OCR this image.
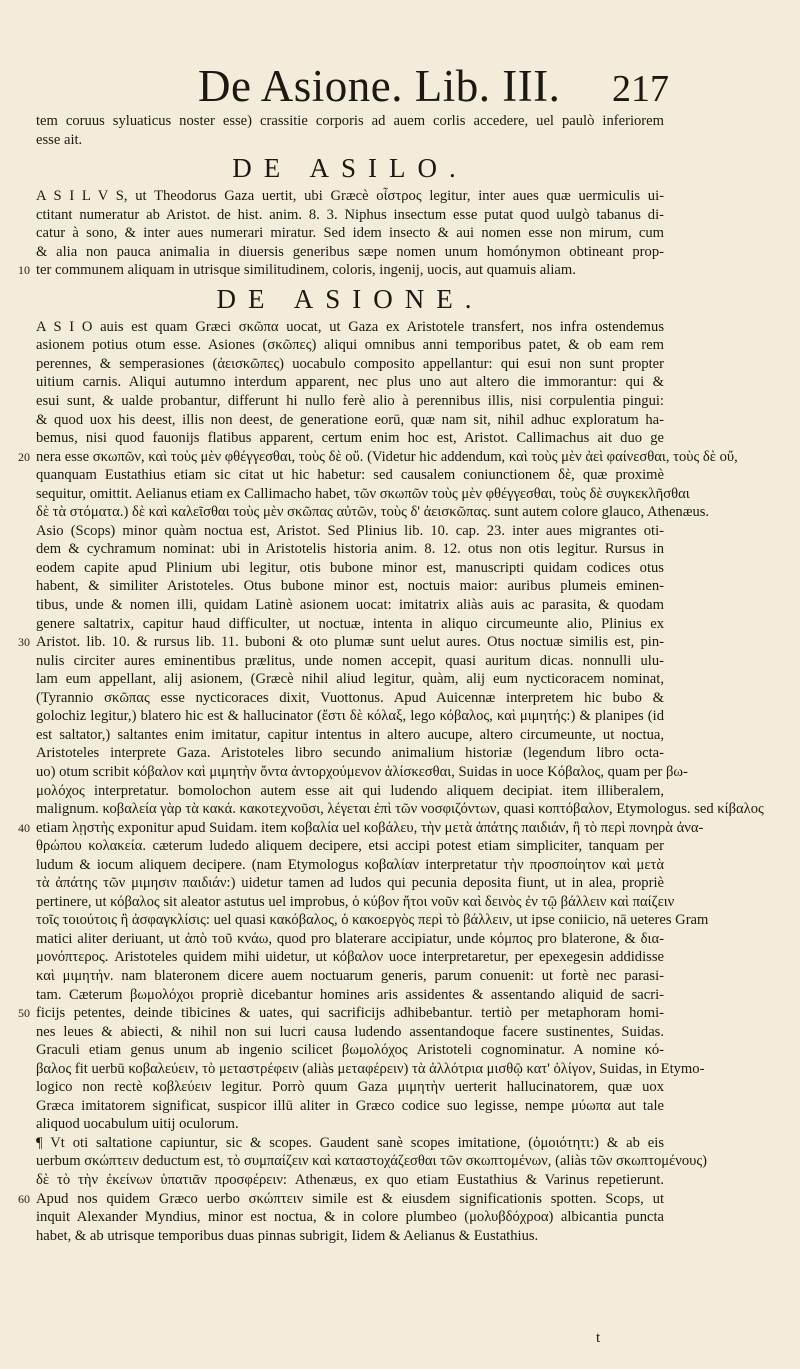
De Asione. Lib. III. 217
tem coruus syluaticus noster esse) crassitie corporis ad auem corlis accedere, uel paulò inferiorem
esse ait.
DE ASILO.
A S I L V S, ut Theodorus Gaza uertit, ubi Græcè οἶστρος legitur, inter aues quæ uermiculis ui-
ctitant numeratur ab Aristot. de hist. anim. 8. 3. Niphus insectum esse putat quod uulgò tabanus di-
catur à sono, & inter aues numerari miratur. Sed idem insecto & aui nomen esse non mirum, cum
& alia non pauca animalia in diuersis generibus sæpe nomen unum homónymon obtineant prop-
ter communem aliquam in utrisque similitudinem, coloris, ingenij, uocis, aut quamuis aliam.
10
DE ASIONE.
A S I O auis est quam Græci σκῶπα uocat, ut Gaza ex Aristotele transfert, nos infra ostendemus
asionem potius otum esse. Asiones (σκῶπες) aliqui omnibus anni temporibus patet, & ob eam rem
perennes, & semperasiones (ἀεισκῶπες) uocabulo composito appellantur: qui esui non sunt propter
uitium carnis. Aliqui autumno interdum apparent, nec plus uno aut altero die immorantur: qui &
esui sunt, & ualde probantur, differunt hi nullo ferè alio à perennibus illis, nisi corpulentia pingui:
& quod uox his deest, illis non deest, de generatione eorū, quæ nam sit, nihil adhuc exploratum ha-
bemus, nisi quod fauonijs flatibus apparent, certum enim hoc est, Aristot. Callimachus ait duo ge
nera esse σκωπῶν, καὶ τοὺς μὲν φθέγγεσθαι, τοὺς δὲ οὔ. (Videtur hic addendum, καὶ τοὺς μὲν ἀεὶ φαίνεσθαι, τοὺς δὲ οὔ,
20
quanquam Eustathius etiam sic citat ut hic habetur: sed causalem coniunctionem δὲ, quæ proximè
sequitur, omittit. Aelianus etiam ex Callimacho habet, τῶν σκωπῶν τοὺς μὲν φθέγγεσθαι, τοὺς δὲ συγκεκλῆσθαι
δὲ τὰ στόματα.) δὲ καὶ καλεῖσθαι τοὺς μὲν σκῶπας αὐτῶν, τοὺς δ' ἀεισκῶπας. sunt autem colore glauco, Athenæus.
Asio (Scops) minor quàm noctua est, Aristot. Sed Plinius lib. 10. cap. 23. inter aues migrantes oti-
dem & cychramum nominat: ubi in Aristotelis historia anim. 8. 12. otus non otis legitur. Rursus in
eodem capite apud Plinium ubi legitur, otis bubone minor est, manuscripti quidam codices otus
habent, & similiter Aristoteles. Otus bubone minor est, noctuis maior: auribus plumeis eminen-
tibus, unde & nomen illi, quidam Latinè asionem uocat: imitatrix aliàs auis ac parasita, & quodam
genere saltatrix, capitur haud difficulter, ut noctuæ, intenta in aliquo circumeunte alio, Plinius ex
Aristot. lib. 10. & rursus lib. 11. buboni & oto plumæ sunt uelut aures. Otus noctuæ similis est, pin-
30
nulis circiter aures eminentibus prælitus, unde nomen accepit, quasi auritum dicas. nonnulli ulu-
lam eum appellant, alij asionem, (Græcè nihil aliud legitur, quàm, alij eum nycticoracem nominat,
(Tyrannio σκῶπας esse nycticoraces dixit, Vuottonus. Apud Auicennæ interpretem hic bubo &
golochiz legitur,) blatero hic est & hallucinator (ἔστι δὲ κόλαξ, lego κόβαλος, καὶ μιμητής:) & planipes (id
est saltator,) saltantes enim imitatur, capitur intentus in altero aucupe, altero circumeunte, ut noctua,
Aristoteles interprete Gaza. Aristoteles libro secundo animalium historiæ (legendum libro octa-
uo) otum scribit κόβαλον καὶ μιμητὴν ὄντα ἀντορχούμενον ἁλίσκεσθαι, Suidas in uoce Κόβαλος, quam per βω-
μολόχος interpretatur. bomolochon autem esse ait qui ludendo aliquem decipiat. item illiberalem,
malignum. κοβαλεία γὰρ τὰ κακά. κακοτεχνοῦσι, λέγεται ἐπὶ τῶν νοσφιζόντων, quasi κοπτόβαλον, Etymologus. sed κίβαλος
etiam λῃστὴς exponitur apud Suidam. item κοβαλία uel κοβάλευ, τὴν μετὰ ἀπάτης παιδιάν, ἢ τὸ περὶ πονηρὰ ἀνα-
40
θρώπου κολακεία. cæterum ludedo aliquem decipere, etsi accipi potest etiam simpliciter, tanquam per
ludum & iocum aliquem decipere. (nam Etymologus κοβαλίαν interpretatur τὴν προσποίητον καὶ μετὰ
τὰ ἀπάτης τῶν μιμησιν παιδιάν:) uidetur tamen ad ludos qui pecunia deposita fiunt, ut in alea, propriè
pertinere, ut κόβαλος sit aleator astutus uel improbus, ὁ κύβον ἤτοι νοῦν καὶ δεινὸς ἐν τῷ βάλλειν καὶ παίζειν
τοῖς τοιούτοις ἢ ἀσφαγκλίσις: uel quasi κακόβαλος, ὁ κακοεργὸς περὶ τὸ βάλλειν, ut ipse coniicio, nā ueteres Gram
matici aliter deriuant, ut ἀπὸ τοῦ κνάω, quod pro blaterare accipiatur, unde κόμπος pro blaterone, & δια-
μονόπτερος. Aristoteles quidem mihi uidetur, ut κόβαλον uoce interpretaretur, per epexegesin addidisse
καὶ μιμητήν. nam blateronem dicere auem noctuarum generis, parum conuenit: ut fortè nec parasi-
tam. Cæterum βωμολόχοι propriè dicebantur homines aris assidentes & assentando aliquid de sacri-
ficijs petentes, deinde tibicines & uates, qui sacrificijs adhibebantur. tertiò per metaphoram homi-
50
nes leues & abiecti, & nihil non sui lucri causa ludendo assentandoque facere sustinentes, Suidas.
Graculi etiam genus unum ab ingenio scilicet βωμολόχος Aristoteli cognominatur. A nomine κό-
βαλος fit uerbū κοβαλεύειν, τὸ μεταστρέφειν (aliàs μεταφέρειν) τὰ ἀλλότρια μισθῷ κατ' ὀλίγον, Suidas, in Etymo-
logico non rectè κοβλεύειν legitur. Porrò quum Gaza μιμητὴν uerterit hallucinatorem, quæ uox
Græca imitatorem significat, suspicor illū aliter in Græco codice suo legisse, nempe μύωπα aut tale
aliquod uocabulum uitij oculorum.
¶ Vt oti saltatione capiuntur, sic & scopes. Gaudent sanè scopes imitatione, (ὁμοιότητι:) & ab eis
uerbum σκώπτειν deductum est, τὸ συμπαίζειν καὶ καταστοχάζεσθαι τῶν σκωπτομένων, (aliàs τῶν σκωπτομένους)
δὲ τὸ τὴν ἐκείνων ὑπατιᾶν προσφέρειν: Athenæus, ex quo etiam Eustathius & Varinus repetierunt.
Apud nos quidem Græco uerbo σκώπτειν simile est & eiusdem significationis spotten. Scops, ut
60
inquit Alexander Myndius, minor est noctua, & in colore plumbeo (μολυβδόχροα) albicantia puncta
habet, & ab utrisque temporibus duas pinnas subrigit, Iidem & Aelianus & Eustathius.
t
